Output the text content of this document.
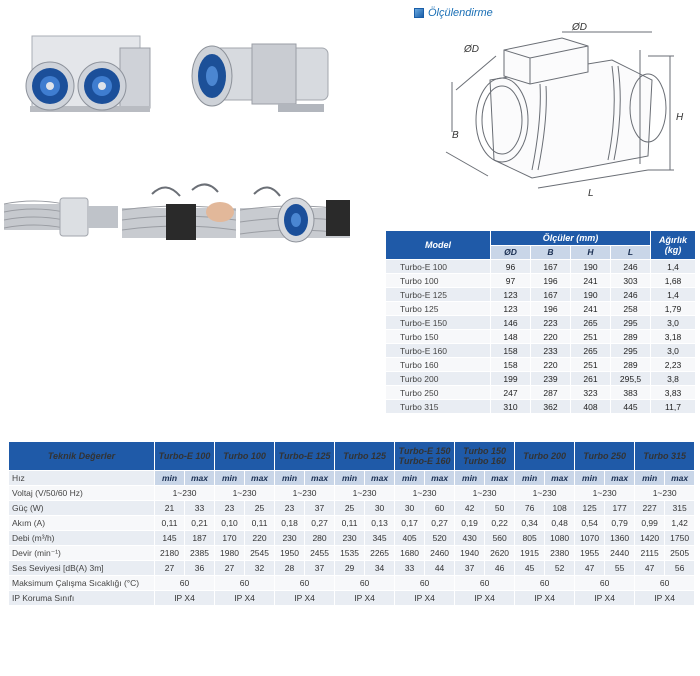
Ölçülendirme
ØD
ØD
B
H
L
Model	Ölçüler (mm)				Ağırlık (kg)
	ØD	B	H	L	
Turbo-E 100	96	167	190	246	1,4
Turbo 100	97	196	241	303	1,68
Turbo-E 125	123	167	190	246	1,4
Turbo 125	123	196	241	258	1,79
Turbo-E 150	146	223	265	295	3,0
Turbo 150	148	220	251	289	3,18
Turbo-E 160	158	233	265	295	3,0
Turbo 160	158	220	251	289	2,23
Turbo 200	199	239	261	295,5	3,8
Turbo 250	247	287	323	383	3,83
Turbo 315	310	362	408	445	11,7
Teknik Değerler	Turbo-E 100		Turbo 100		Turbo-E 125		Turbo 125		Turbo-E 150 Turbo-E 160		Turbo 150 Turbo 160		Turbo 200		Turbo 250		Turbo 315	
Hız	min	max	min	max	min	max	min	max	min	max	min	max	min	max	min	max	min	max
Voltaj (V/50/60 Hz)	1~230		1~230		1~230		1~230		1~230		1~230		1~230		1~230		1~230	
Güç (W)	21	33	23	25	23	37	25	30	30	60	42	50	76	108	125	177	227	315
Akım (A)	0,11	0,21	0,10	0,11	0,18	0,27	0,11	0,13	0,17	0,27	0,19	0,22	0,34	0,48	0,54	0,79	0,99	1,42
Debi (m³/h)	145	187	170	220	230	280	230	345	405	520	430	560	805	1080	1070	1360	1420	1750
Devir (min⁻¹)	2180	2385	1980	2545	1950	2455	1535	2265	1680	2460	1940	2620	1915	2380	1955	2440	2115	2505
Ses Seviyesi [dB(A) 3m]	27	36	27	32	28	37	29	34	33	44	37	46	45	52	47	55	47	56
Maksimum Çalışma Sıcaklığı (°C)	60		60		60		60		60		60		60		60		60	
IP Koruma Sınıfı	IP X4		IP X4		IP X4		IP X4		IP X4		IP X4		IP X4		IP X4		IP X4	
